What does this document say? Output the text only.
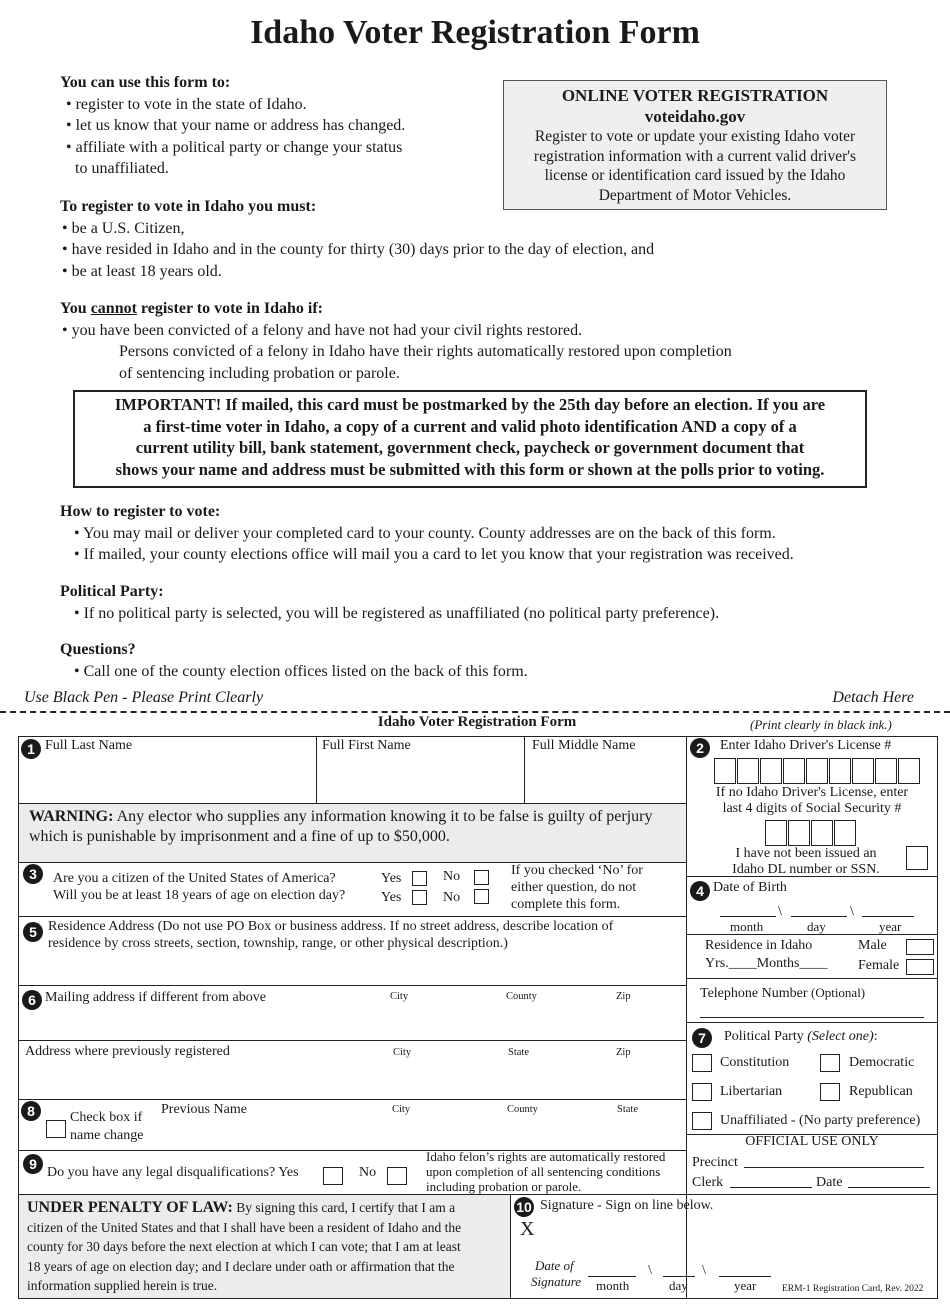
Idaho Voter Registration Form
You can use this form to:
• register to vote in the state of Idaho.
• let us know that your name or address has changed.
• affiliate with a political party or change your status
to unaffiliated.
ONLINE VOTER REGISTRATION
voteidaho.gov
Register to vote or update your existing Idaho voter
registration information with a current valid driver's
license or identification card issued by the Idaho
Department of Motor Vehicles.
To register to vote in Idaho you must:
• be a U.S. Citizen,
• have resided in Idaho and in the county for thirty (30) days prior to the day of election, and
• be at least 18 years old.
You cannot register to vote in Idaho if:
• you have been convicted of a felony and have not had your civil rights restored.
Persons convicted of a felony in Idaho have their rights automatically restored upon completion
of sentencing including probation or parole.
IMPORTANT! If mailed, this card must be postmarked by the 25th day before an election. If you are
a first-time voter in Idaho, a copy of a current and valid photo identification AND a copy of a
current utility bill, bank statement, government check, paycheck or government document that
shows your name and address must be submitted with this form or shown at the polls prior to voting.
How to register to vote:
• You may mail or deliver your completed card to your county. County addresses are on the back of this form.
• If mailed, your county elections office will mail you a card to let you know that your registration was received.
Political Party:
• If no political party is selected, you will be registered as unaffiliated (no political party preference).
Questions?
• Call one of the county election offices listed on the back of this form.
Use Black Pen - Please Print Clearly	Detach Here
Idaho Voter Registration Form	(Print clearly in black ink.)
1 Full Last Name	Full First Name	Full Middle Name
WARNING: Any elector who supplies any information knowing it to be false is guilty of perjury
which is punishable by imprisonment and a fine of up to $50,000.
3	Are you a citizen of the United States of America?
Will you be at least 18 years of age on election day?
Yes	No
Yes	No
If you checked ‘No’ for
either question, do not
complete this form.
5 Residence Address (Do not use PO Box or business address. If no street address, describe location of
residence by cross streets, section, township, range, or other physical description.)
6 Mailing address if different from above	City	County	Zip
Address where previously registered	City	State	Zip
8	Check box if
name change
Previous Name	City	County	State
9
Do you have any legal disqualifications? Yes	No
Idaho felon’s rights are automatically restored
upon completion of all sentencing conditions
including probation or parole.
UNDER PENALTY OF LAW: By signing this card, I certify that I am a
citizen of the United States and that I shall have been a resident of Idaho and the
county for 30 days before the next election at which I can vote; that I am at least
18 years of age on election day; and I declare under oath or affirmation that the
information supplied herein is true.
10 Signature - Sign on line below.
X
Date of
Signature month
\
day
\
year	ERM-1 Registration Card, Rev. 2022
2	Enter Idaho Driver's License #
If no Idaho Driver's License, enter
last 4 digits of Social Security #
I have not been issued an
Idaho DL number or SSN.
4 Date of Birth
month
\
day
\
year
Residence in Idaho
Yrs.____Months____
Male
Female
Telephone Number (Optional)
7	Political Party (Select one):
Constitution	Democratic
Libertarian	Republican
Unaffiliated - (No party preference)
OFFICIAL USE ONLY
Precinct
Clerk	Date
